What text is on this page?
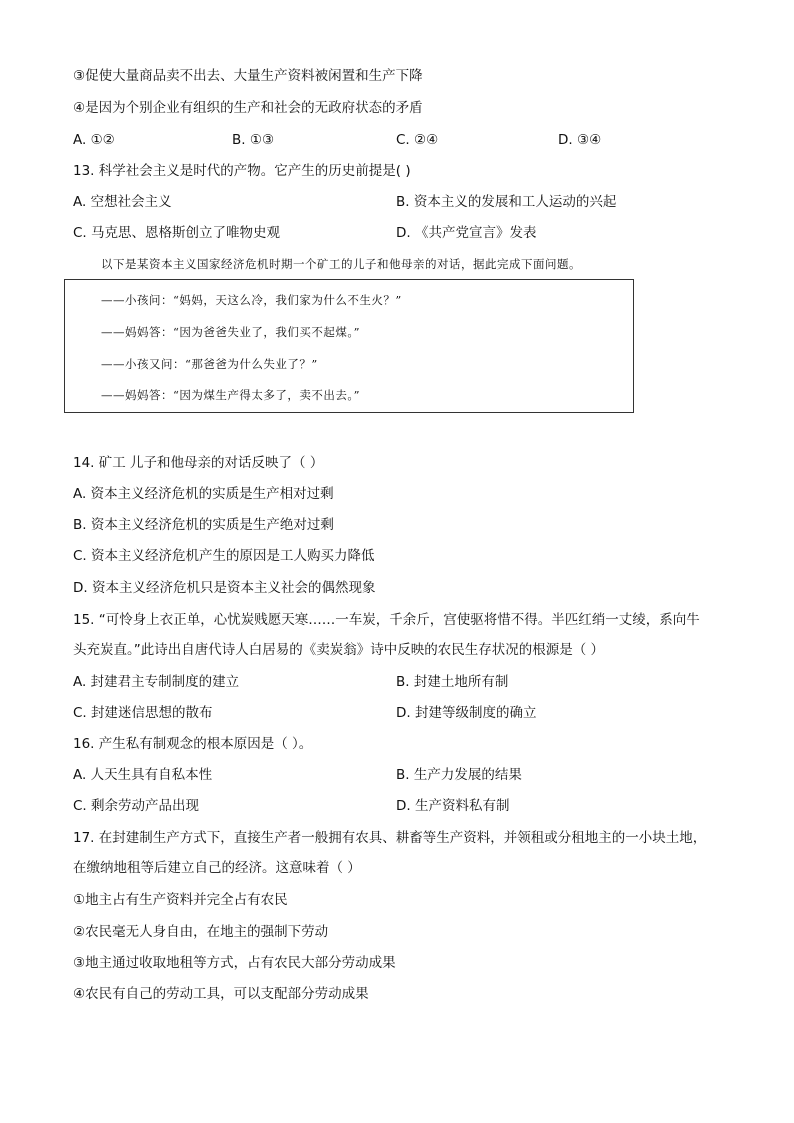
③促使大量商品卖不出去、大量生产资料被闲置和生产下降
④是因为个别企业有组织的生产和社会的无政府状态的矛盾
A. ①②	B. ①③	C. ②④	D. ③④
13. 科学社会主义是时代的产物。它产生的历史前提是( )
A. 空想社会主义	B. 资本主义的发展和工人运动的兴起
C. 马克思、恩格斯创立了唯物史观	D. 《共产党宣言》发表
以下是某资本主义国家经济危机时期一个矿工的儿子和他母亲的对话，据此完成下面问题。
——小孩问：“妈妈，天这么冷，我们家为什么不生火？”
——妈妈答：“因为爸爸失业了，我们买不起煤。”
——小孩又问：“那爸爸为什么失业了？”
——妈妈答：“因为煤生产得太多了，卖不出去。”
14. 矿工 儿子和他母亲的对话反映了（ ）
A. 资本主义经济危机的实质是生产相对过剩
B. 资本主义经济危机的实质是生产绝对过剩
C. 资本主义经济危机产生的原因是工人购买力降低
D. 资本主义经济危机只是资本主义社会的偶然现象
15. “可怜身上衣正单，心忧炭贱愿天寒……一车炭，千余斤，宫使驱将惜不得。半匹红绡一丈绫，系向牛
头充炭直。”此诗出自唐代诗人白居易的《卖炭翁》诗中反映的农民生存状况的根源是（ ）
A. 封建君主专制制度的建立	B. 封建土地所有制
C. 封建迷信思想的散布	D. 封建等级制度的确立
16. 产生私有制观念的根本原因是（ ）。
A. 人天生具有自私本性	B. 生产力发展的结果
C. 剩余劳动产品出现	D. 生产资料私有制
17. 在封建制生产方式下，直接生产者一般拥有农具、耕畜等生产资料，并领租或分租地主的一小块土地，
在缴纳地租等后建立自己的经济。这意味着（ ）
①地主占有生产资料并完全占有农民
②农民毫无人身自由，在地主的强制下劳动
③地主通过收取地租等方式，占有农民大部分劳动成果
④农民有自己的劳动工具，可以支配部分劳动成果
